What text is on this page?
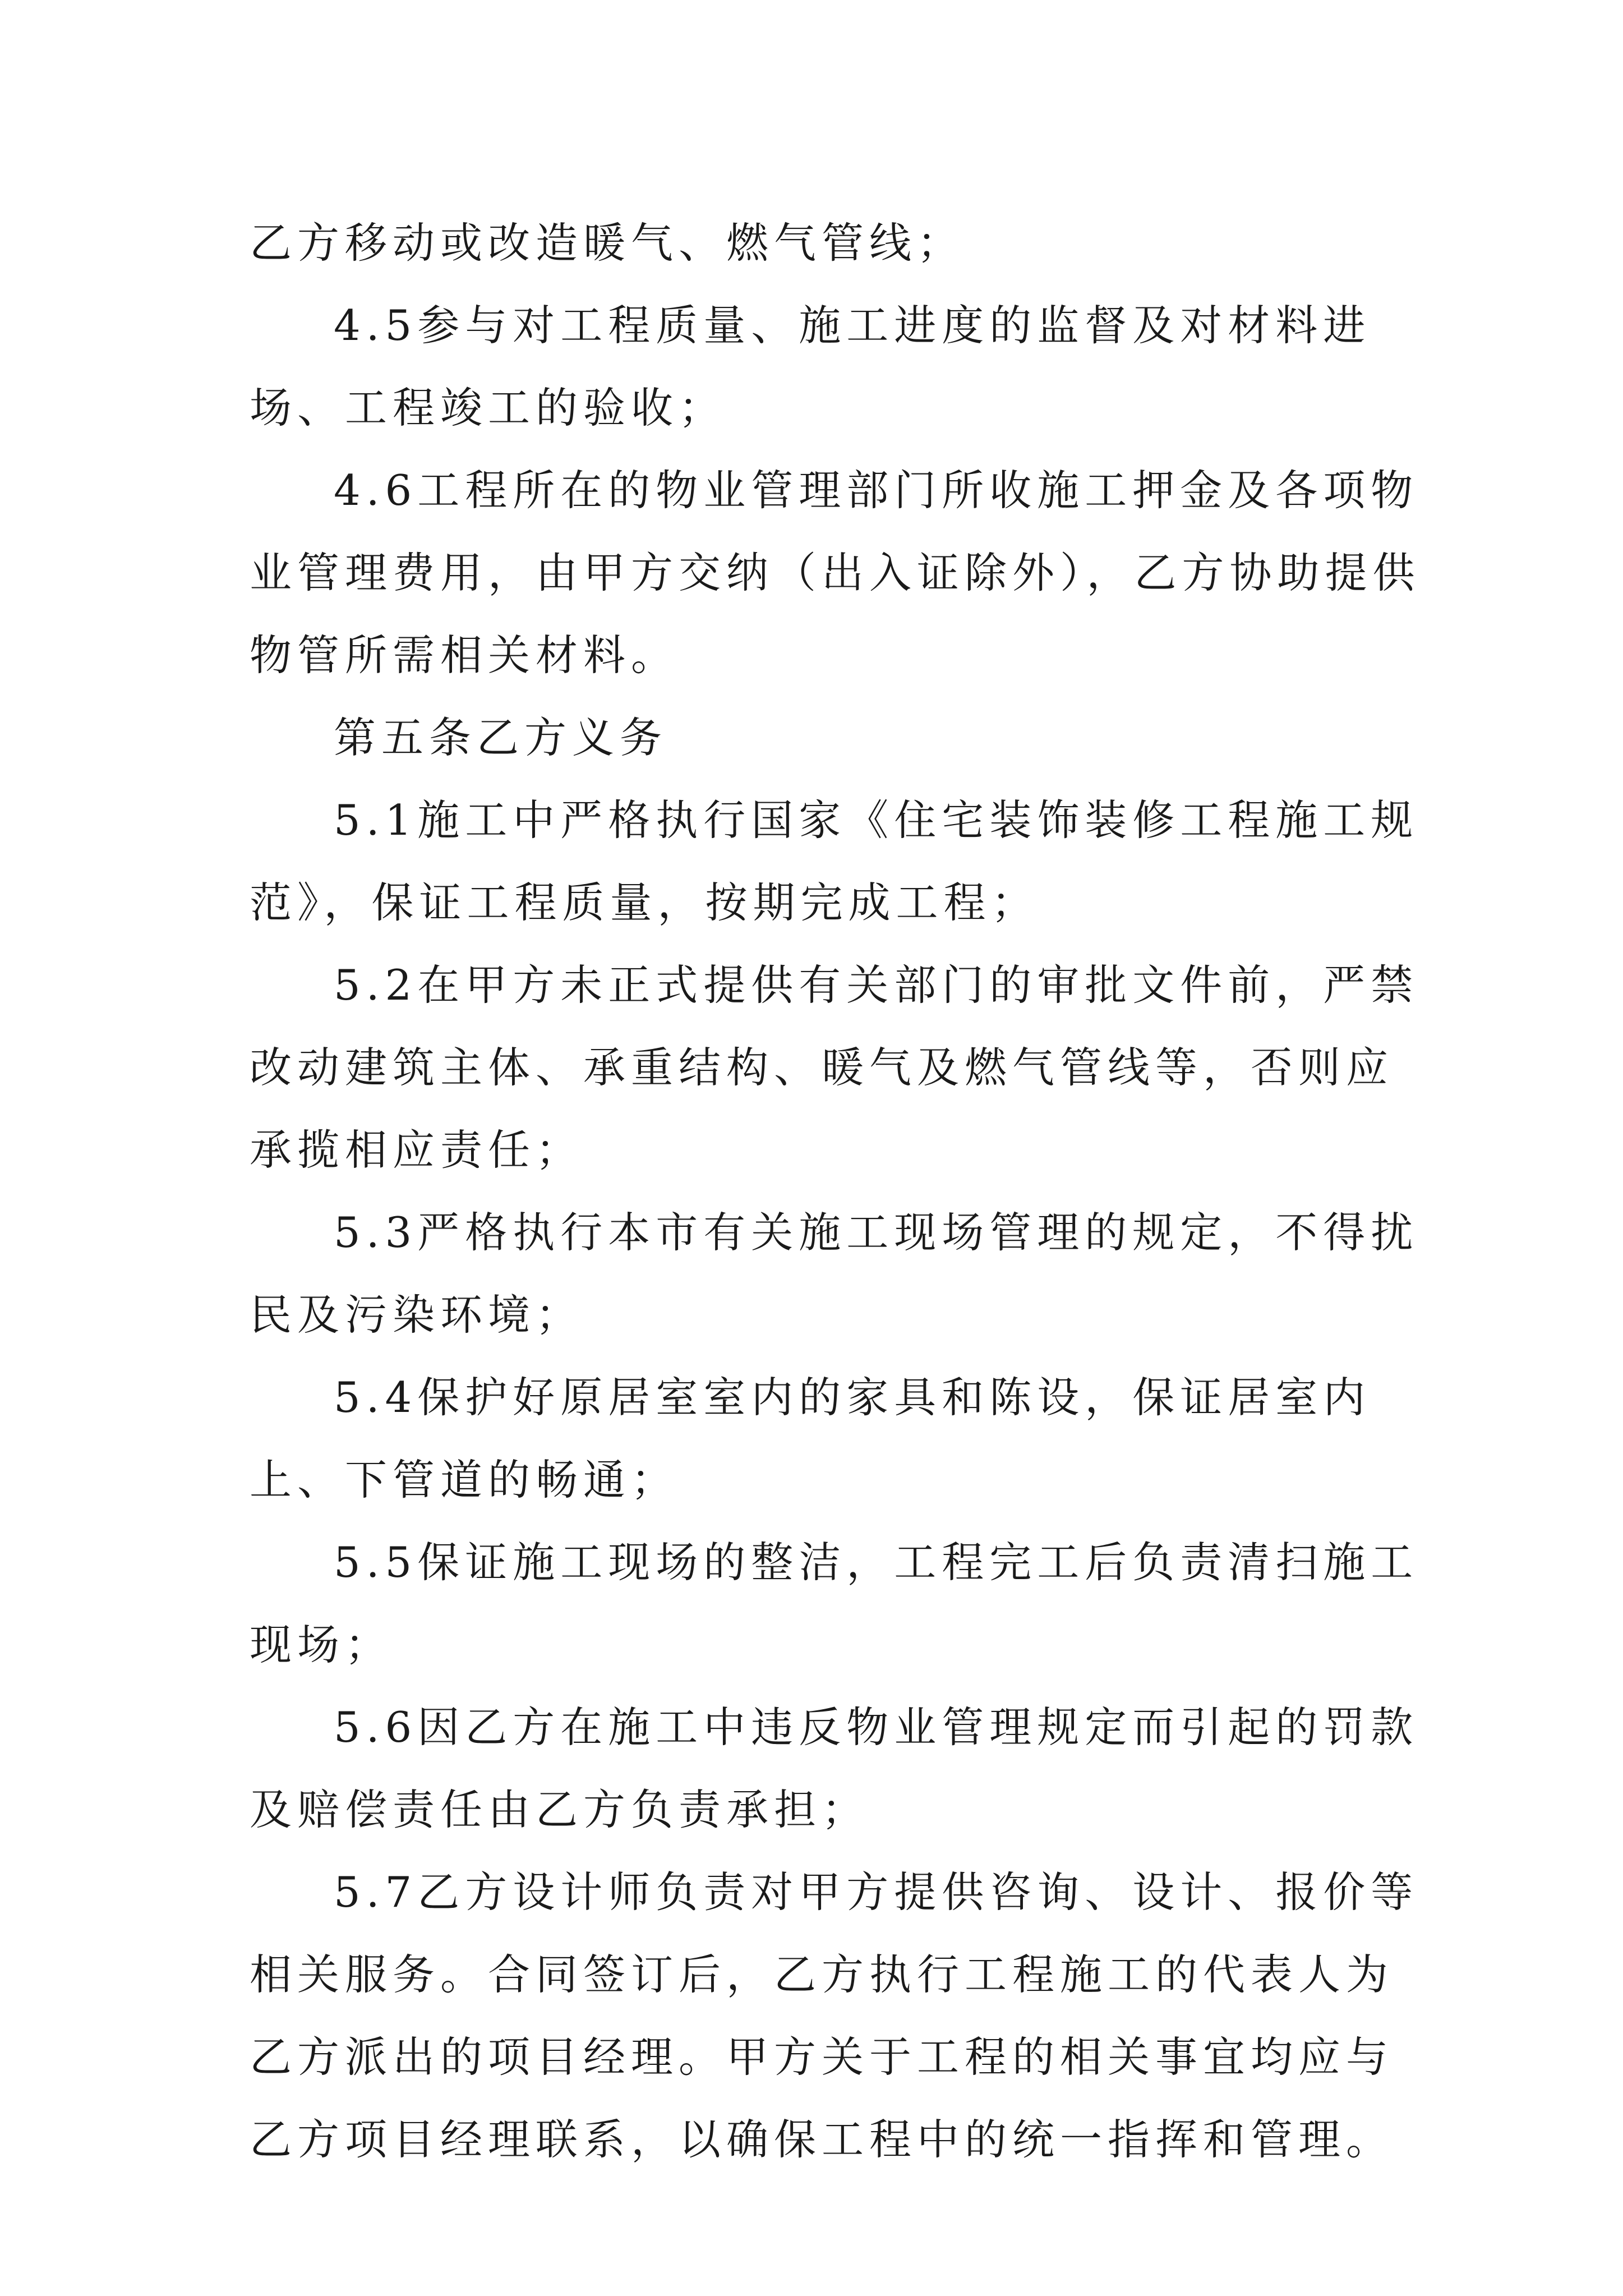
乙方移动或改造暖气、燃气管线；

4.5参与对工程质量、施工进度的监督及对材料进场、工程竣工的验收；

4.6工程所在的物业管理部门所收施工押金及各项物业管理费用，由甲方交纳（出入证除外），乙方协助提供物管所需相关材料。

第五条乙方义务

5.1施工中严格执行国家《住宅装饰装修工程施工规范》，保证工程质量，按期完成工程；

5.2在甲方未正式提供有关部门的审批文件前，严禁改动建筑主体、承重结构、暖气及燃气管线等，否则应承揽相应责任；

5.3严格执行本市有关施工现场管理的规定，不得扰民及污染环境；

5.4保护好原居室室内的家具和陈设，保证居室内上、下管道的畅通；

5.5保证施工现场的整洁，工程完工后负责清扫施工现场；

5.6因乙方在施工中违反物业管理规定而引起的罚款及赔偿责任由乙方负责承担；

5.7乙方设计师负责对甲方提供咨询、设计、报价等相关服务。合同签订后，乙方执行工程施工的代表人为乙方派出的项目经理。甲方关于工程的相关事宜均应与乙方项目经理联系，以确保工程中的统一指挥和管理。
